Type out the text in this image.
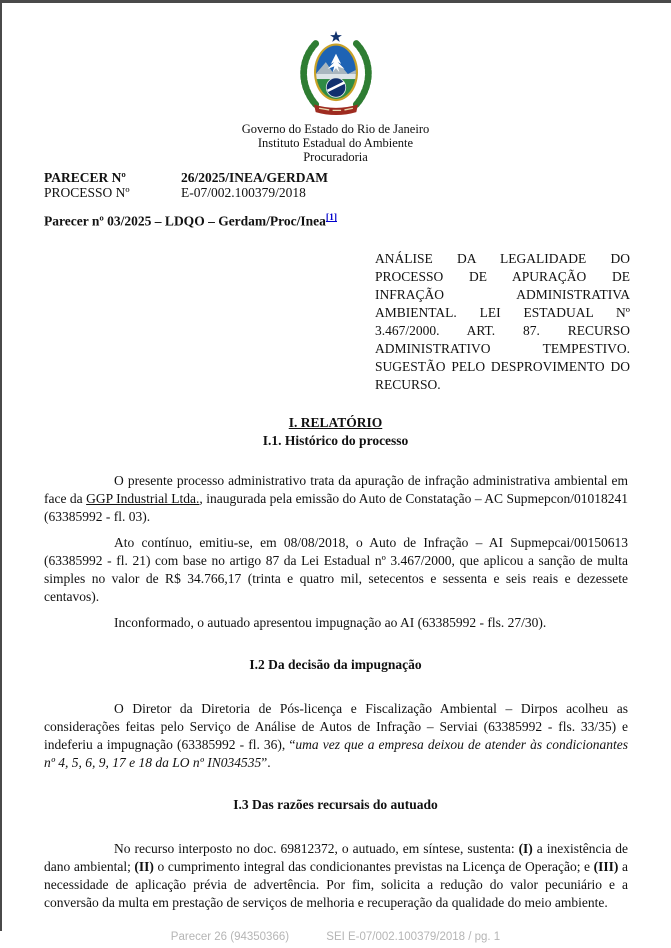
Governo do Estado do Rio de Janeiro
Instituto Estadual do Ambiente
Procuradoria
PARECER Nº	26/2025/INEA/GERDAM
PROCESSO Nº	E-07/002.100379/2018
Parecer nº 03/2025 – LDQO – Gerdam/Proc/Inea[1]
ANÁLISE DA LEGALIDADE DO PROCESSO DE APURAÇÃO DE INFRAÇÃO ADMINISTRATIVA AMBIENTAL. LEI ESTADUAL Nº 3.467/2000. ART. 87. RECURSO ADMINISTRATIVO TEMPESTIVO. SUGESTÃO PELO DESPROVIMENTO DO RECURSO.
I. RELATÓRIO
I.1. Histórico do processo

O presente processo administrativo trata da apuração de infração administrativa ambiental em face da GGP Industrial Ltda., inaugurada pela emissão do Auto de Constatação – AC Supmepcon/01018241 (63385992 - fl. 03).

Ato contínuo, emitiu-se, em 08/08/2018, o Auto de Infração – AI Supmepcai/00150613 (63385992 - fl. 21) com base no artigo 87 da Lei Estadual nº 3.467/2000, que aplicou a sanção de multa simples no valor de R$ 34.766,17 (trinta e quatro mil, setecentos e sessenta e seis reais e dezessete centavos).

Inconformado, o autuado apresentou impugnação ao AI (63385992 - fls. 27/30).

I.2 Da decisão da impugnação

O Diretor da Diretoria de Pós-licença e Fiscalização Ambiental – Dirpos acolheu as considerações feitas pelo Serviço de Análise de Autos de Infração – Serviai (63385992 - fls. 33/35) e indeferiu a impugnação (63385992 - fl. 36), “uma vez que a empresa deixou de atender às condicionantes nº 4, 5, 6, 9, 17 e 18 da LO nº IN034535”.

I.3 Das razões recursais do autuado

No recurso interposto no doc. 69812372, o autuado, em síntese, sustenta: (I) a inexistência de dano ambiental; (II) o cumprimento integral das condicionantes previstas na Licença de Operação; e (III) a necessidade de aplicação prévia de advertência. Por fim, solicita a redução do valor pecuniário e a conversão da multa em prestação de serviços de melhoria e recuperação da qualidade do meio ambiente.

Parecer 26 (94350366)	SEI E-07/002.100379/2018 / pg. 1
